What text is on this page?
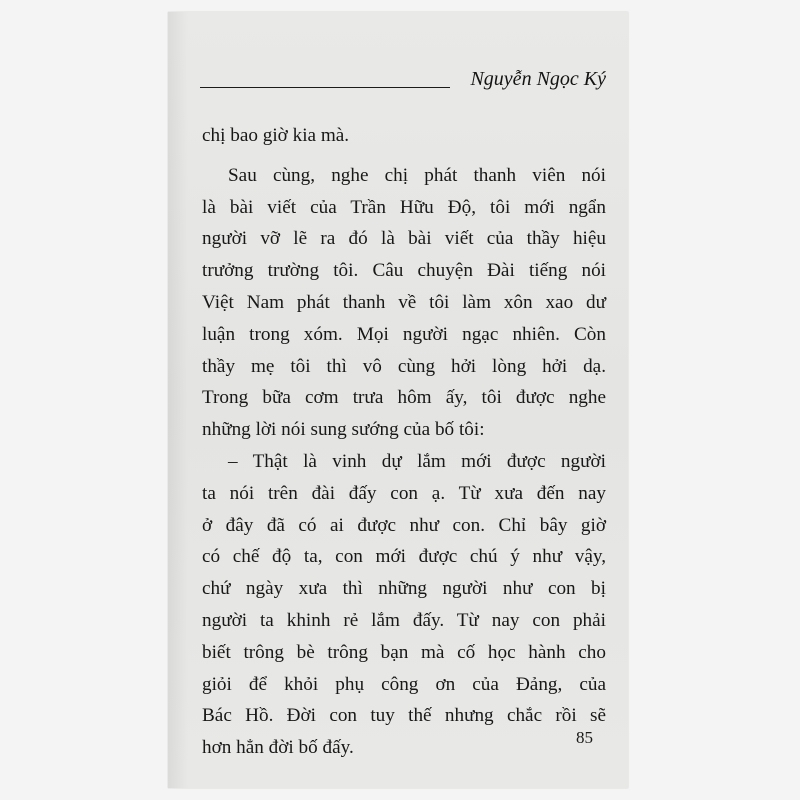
Nguyễn Ngọc Ký
chị bao giờ kia mà.
Sau cùng, nghe chị phát thanh viên nói
là bài viết của Trần Hữu Độ, tôi mới ngẩn
người vỡ lẽ ra đó là bài viết của thầy hiệu
trưởng trường tôi. Câu chuyện Đài tiếng nói
Việt Nam phát thanh về tôi làm xôn xao dư
luận trong xóm. Mọi người ngạc nhiên. Còn
thầy mẹ tôi thì vô cùng hởi lòng hởi dạ.
Trong bữa cơm trưa hôm ấy, tôi được nghe
những lời nói sung sướng của bố tôi:
– Thật là vinh dự lắm mới được người
ta nói trên đài đấy con ạ. Từ xưa đến nay
ở đây đã có ai được như con. Chỉ bây giờ
có chế độ ta, con mới được chú ý như vậy,
chứ ngày xưa thì những người như con bị
người ta khinh rẻ lắm đấy. Từ nay con phải
biết trông bè trông bạn mà cố học hành cho
giỏi để khỏi phụ công ơn của Đảng, của
Bác Hồ. Đời con tuy thế nhưng chắc rồi sẽ
hơn hẳn đời bố đấy.	85
